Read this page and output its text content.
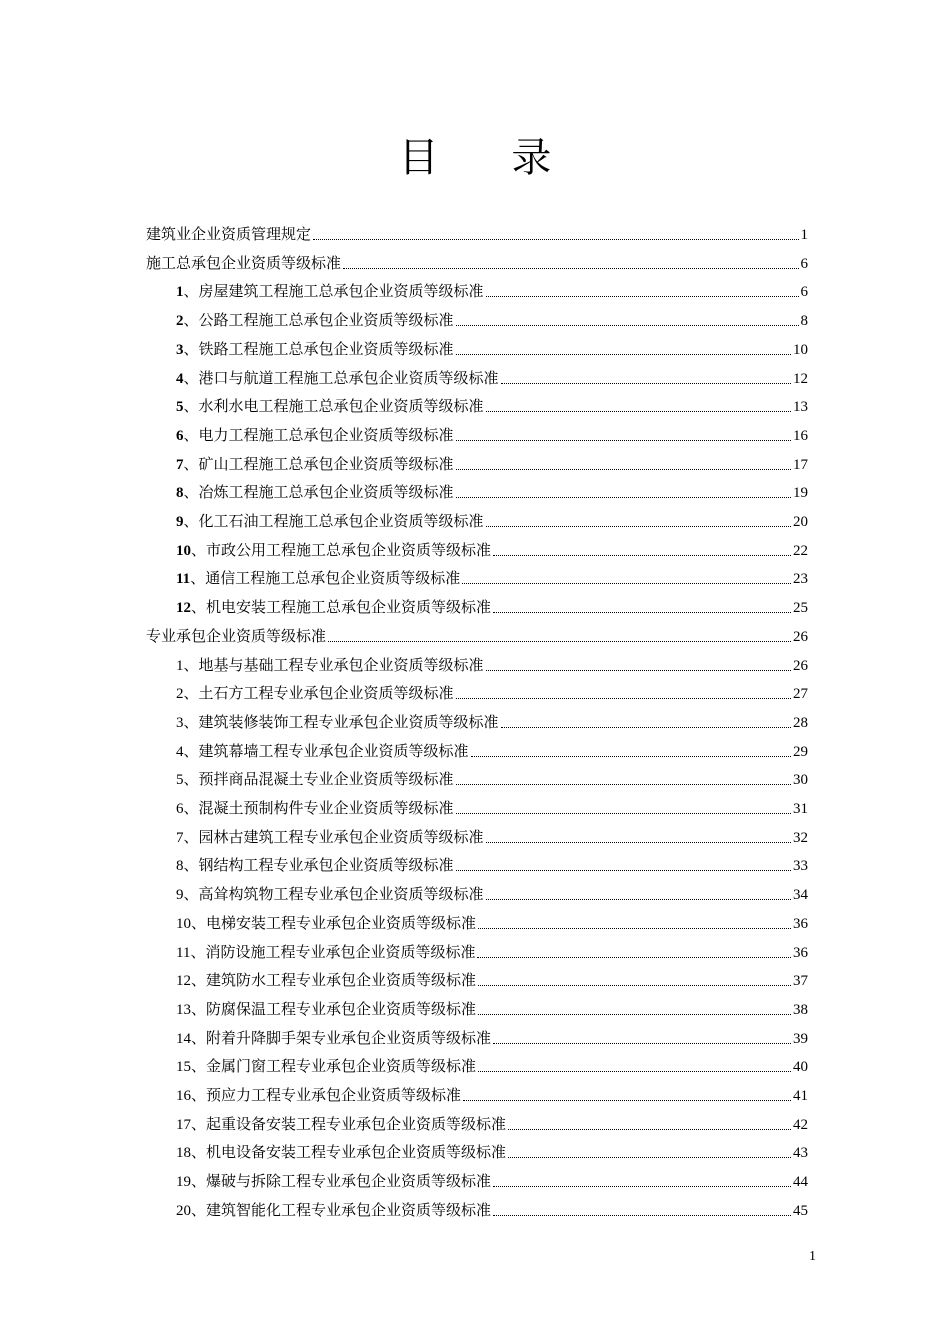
目 录
建筑业企业资质管理规定	1
施工总承包企业资质等级标准	6
1、房屋建筑工程施工总承包企业资质等级标准	6
2、公路工程施工总承包企业资质等级标准	8
3、铁路工程施工总承包企业资质等级标准	10
4、港口与航道工程施工总承包企业资质等级标准	12
5、水利水电工程施工总承包企业资质等级标准	13
6、电力工程施工总承包企业资质等级标准	16
7、矿山工程施工总承包企业资质等级标准	17
8、冶炼工程施工总承包企业资质等级标准	19
9、化工石油工程施工总承包企业资质等级标准	20
10、市政公用工程施工总承包企业资质等级标准	22
11、通信工程施工总承包企业资质等级标准	23
12、机电安装工程施工总承包企业资质等级标准	25
专业承包企业资质等级标准	26
1、地基与基础工程专业承包企业资质等级标准	26
2、土石方工程专业承包企业资质等级标准	27
3、建筑装修装饰工程专业承包企业资质等级标准	28
4、建筑幕墙工程专业承包企业资质等级标准	29
5、预拌商品混凝土专业企业资质等级标准	30
6、混凝土预制构件专业企业资质等级标准	31
7、园林古建筑工程专业承包企业资质等级标准	32
8、钢结构工程专业承包企业资质等级标准	33
9、高耸构筑物工程专业承包企业资质等级标准	34
10、电梯安装工程专业承包企业资质等级标准	36
11、消防设施工程专业承包企业资质等级标准	36
12、建筑防水工程专业承包企业资质等级标准	37
13、防腐保温工程专业承包企业资质等级标准	38
14、附着升降脚手架专业承包企业资质等级标准	39
15、金属门窗工程专业承包企业资质等级标准	40
16、预应力工程专业承包企业资质等级标准	41
17、起重设备安装工程专业承包企业资质等级标准	42
18、机电设备安装工程专业承包企业资质等级标准	43
19、爆破与拆除工程专业承包企业资质等级标准	44
20、建筑智能化工程专业承包企业资质等级标准	45
1
